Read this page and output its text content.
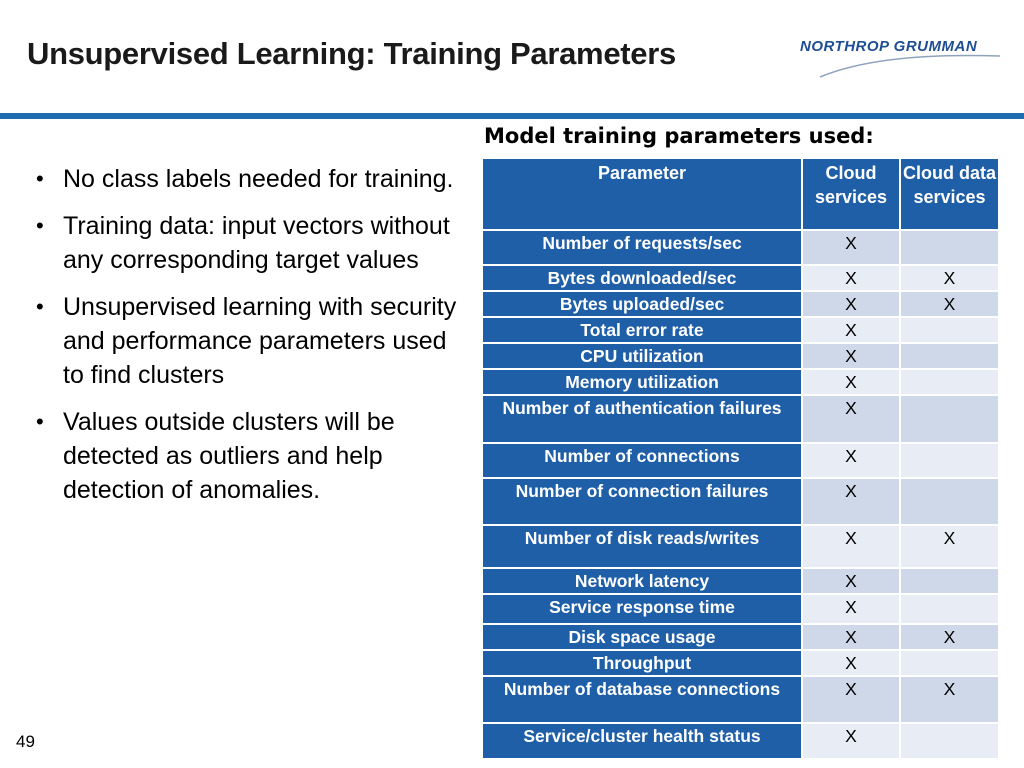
Unsupervised Learning: Training Parameters	NORTHROP GRUMMAN
• No class labels needed for training.
• Training data: input vectors without any corresponding target values
• Unsupervised learning with security and performance parameters used to find clusters
• Values outside clusters will be detected as outliers and help detection of anomalies.
Model training parameters used:
Parameter	Cloud services	Cloud data services
Number of requests/sec	X	
Bytes downloaded/sec	X	X
Bytes uploaded/sec	X	X
Total error rate	X	
CPU utilization	X	
Memory utilization	X	
Number of authentication failures	X	
Number of connections	X	
Number of connection failures	X	
Number of disk reads/writes	X	X
Network latency	X	
Service response time	X	
Disk space usage	X	X
Throughput	X	
Number of database connections	X	X
Service/cluster health status	X	
49
